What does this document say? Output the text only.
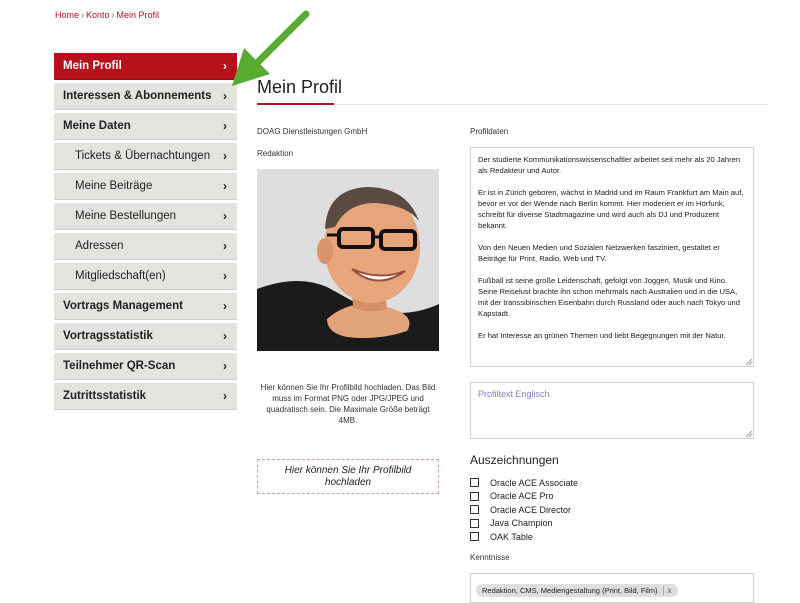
Home › Konto › Mein Profil
Mein Profil	›
Interessen & Abonnements ›
Meine Daten	›
Tickets & Übernachtungen ›
Meine Beiträge	›
Meine Bestellungen	›
Adressen	›
Mitgliedschaft(en)	›
Vortrags Management	›
Vortragsstatistik	›
Teilnehmer QR-Scan	›
Zutrittsstatistik	›
Mein Profil
DOAG Dienstleistungen GmbH
Redaktion
Hier können Sie Ihr Profilbild hochladen. Das Bild muss im Format PNG oder JPG/JPEG und quadratisch sein. Die Maximale Größe beträgt 4MB.
Hier können Sie Ihr Profilbild hochladen
Profildaten

Der studierte Kommunikationswissenschaftler arbeitet seit mehr als 20 Jahren als Redakteur und Autor.

Er ist in Zürich geboren, wächst in Madrid und im Raum Frankfurt am Main auf, bevor er vor der Wende nach Berlin kommt. Hier moderiert er im Hörfunk, schreibt für diverse Stadtmagazine und wird auch als DJ und Produzent bekannt.

Von den Neuen Medien und Sozialen Netzwerken fasziniert, gestaltet er Beiträge für Print, Radio, Web und TV.

Fußball ist seine große Leidenschaft, gefolgt von Joggen, Musik und Kino. Seine Reiselust brachte ihn schon mehrmals nach Australien und in die USA, mit der transsibirischen Eisenbahn durch Russland oder auch nach Tokyo und Kapstadt.

Er hat Interesse an grünen Themen und liebt Begegnungen mit der Natur.

Profiltext Englisch
Auszeichnungen
Oracle ACE Associate
Oracle ACE Pro
Oracle ACE Director
Java Champion
OAK Table
Kenntnisse
Redaktion, CMS, Mediengestaltung (Print, Bild, Film)	x
